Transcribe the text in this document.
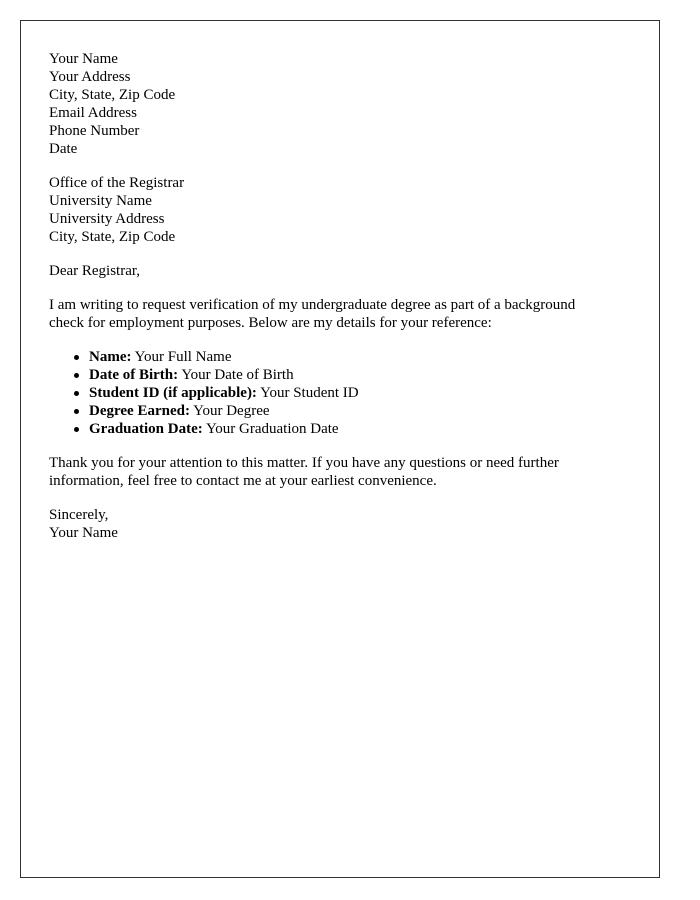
Your Name
Your Address
City, State, Zip Code
Email Address
Phone Number
Date
Office of the Registrar
University Name
University Address
City, State, Zip Code

Dear Registrar,

I am writing to request verification of my undergraduate degree as part of a background
check for employment purposes. Below are my details for your reference:

Name: Your Full Name
Date of Birth: Your Date of Birth
Student ID (if applicable): Your Student ID
Degree Earned: Your Degree
Graduation Date: Your Graduation Date

Thank you for your attention to this matter. If you have any questions or need further
information, feel free to contact me at your earliest convenience.

Sincerely,
Your Name
